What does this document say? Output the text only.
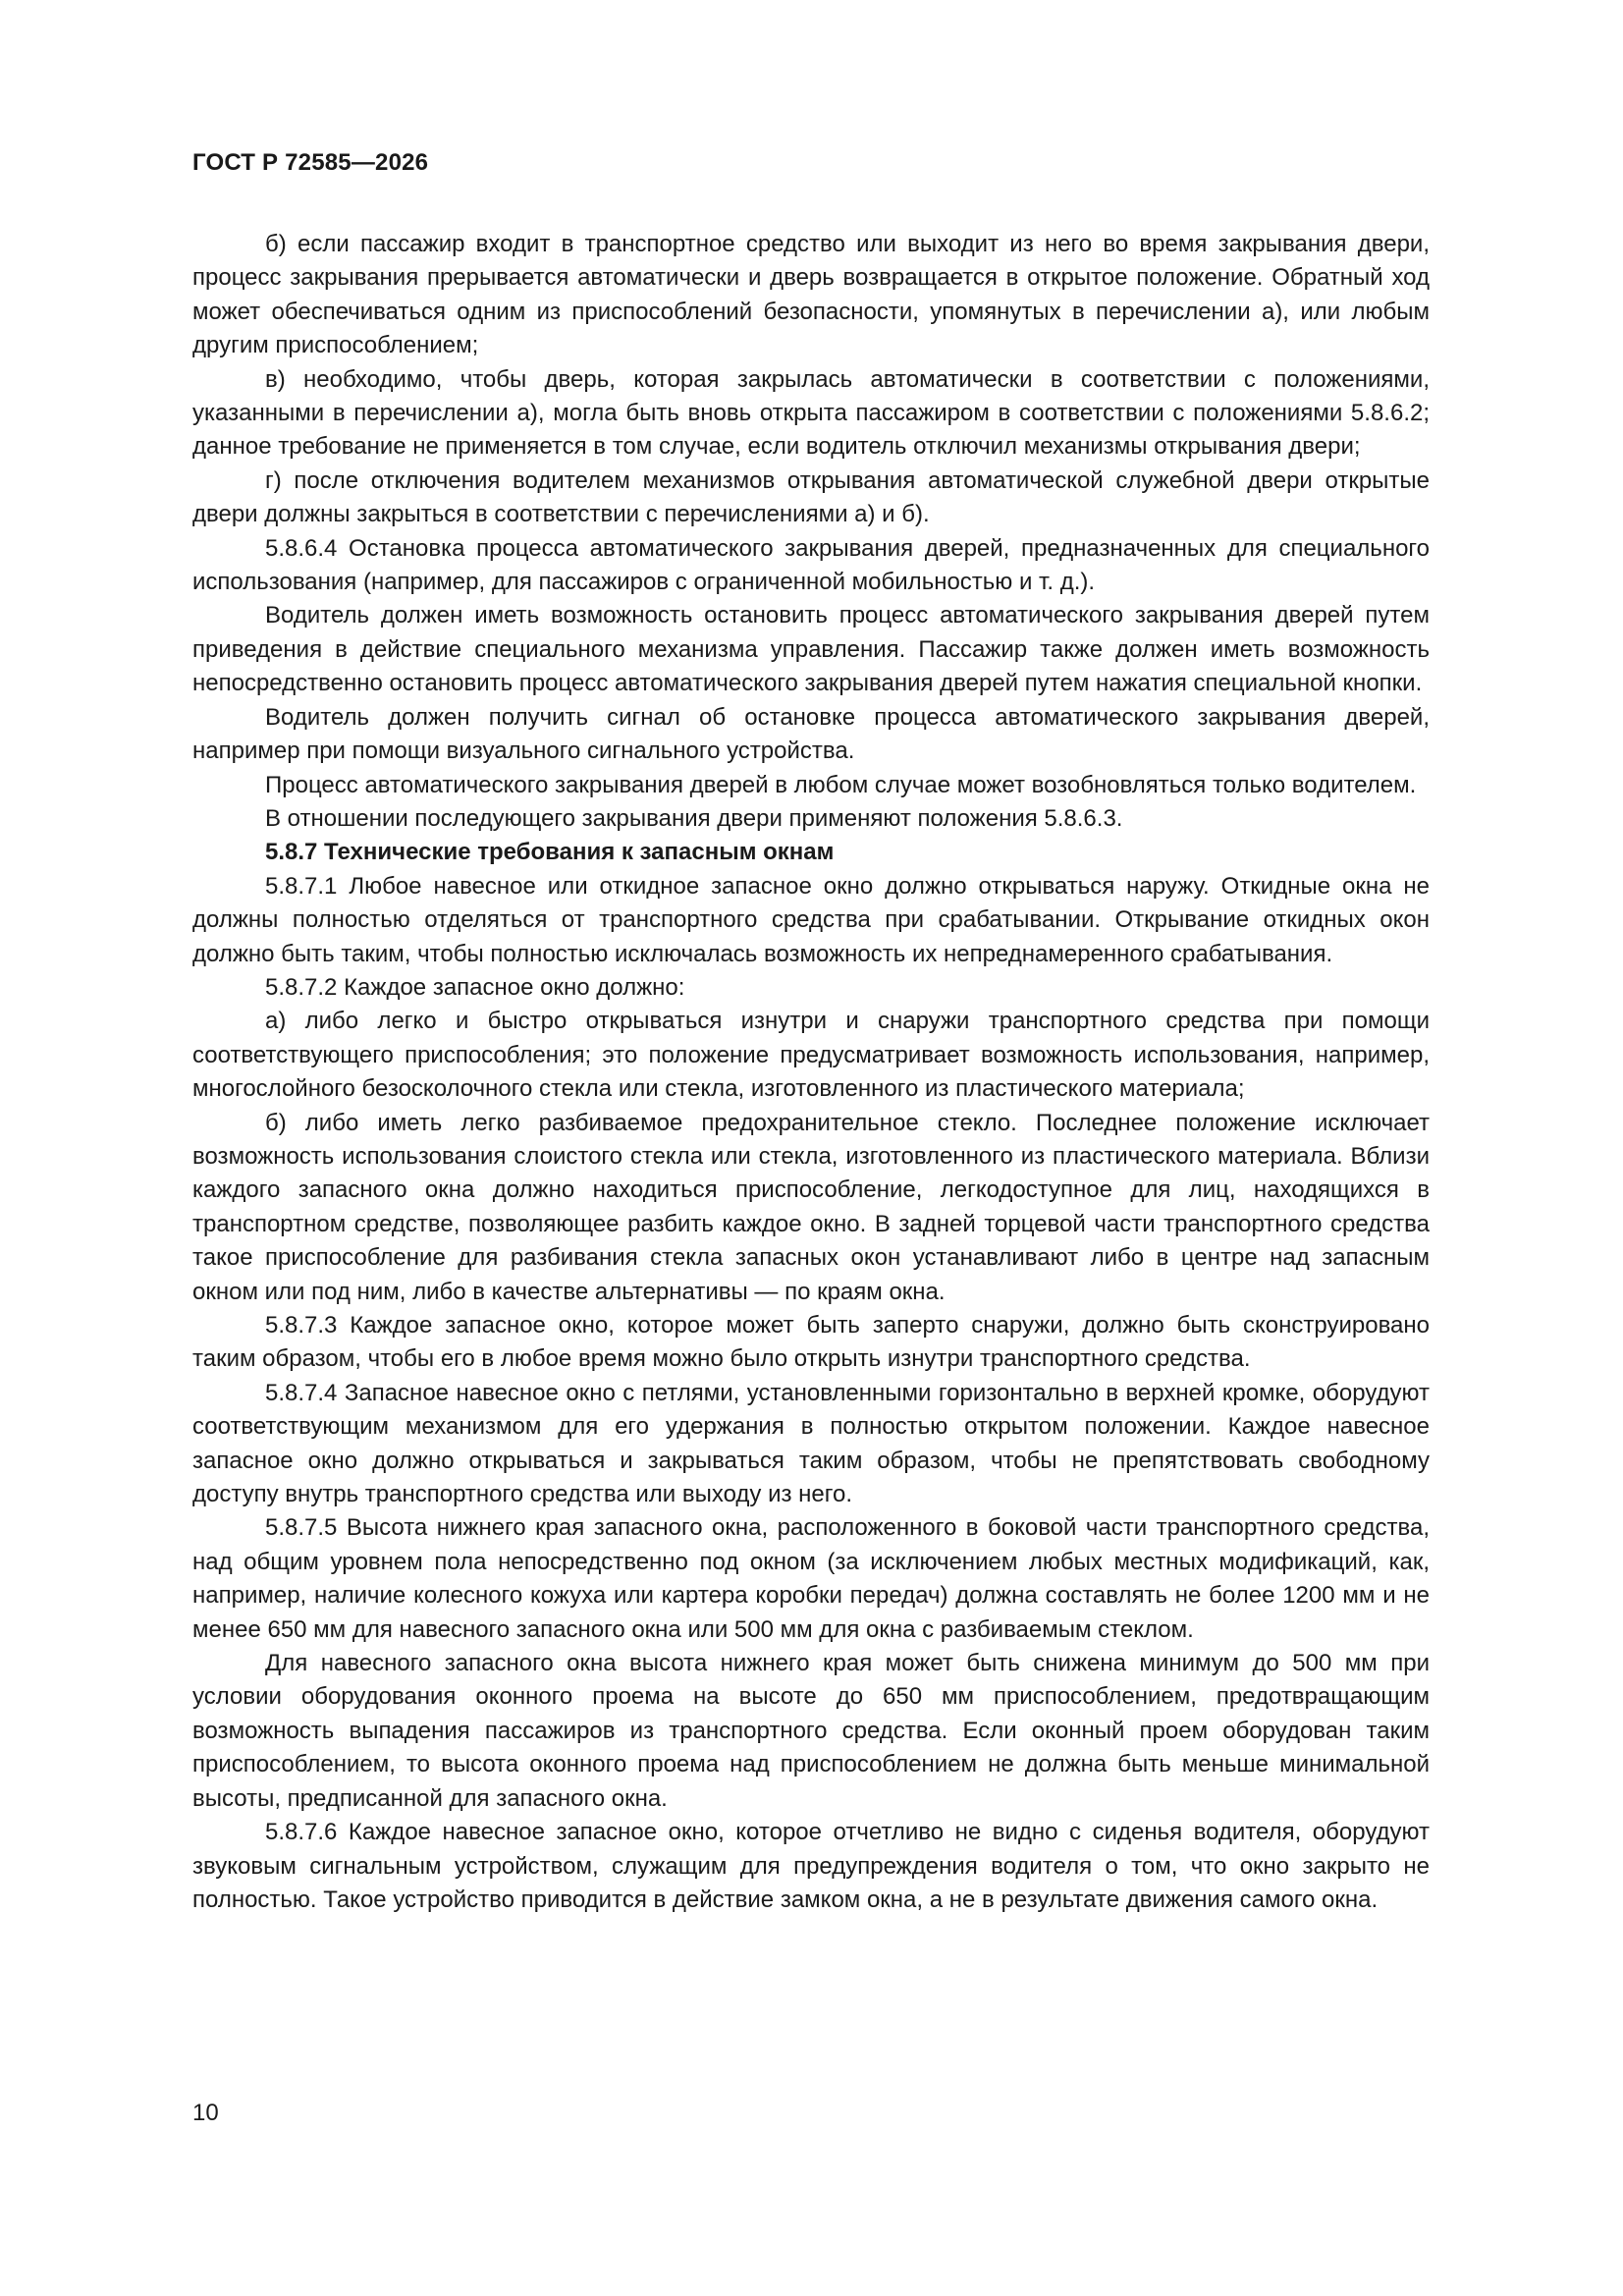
ГОСТ Р 72585—2026

б) если пассажир входит в транспортное средство или выходит из него во время закрывания двери, процесс закрывания прерывается автоматически и дверь возвращается в открытое положение. Обратный ход может обеспечиваться одним из приспособлений безопасности, упомянутых в перечислении а), или любым другим приспособлением;

в) необходимо, чтобы дверь, которая закрылась автоматически в соответствии с положениями, указанными в перечислении а), могла быть вновь открыта пассажиром в соответствии с положениями 5.8.6.2; данное требование не применяется в том случае, если водитель отключил механизмы открывания двери;

г) после отключения водителем механизмов открывания автоматической служебной двери открытые двери должны закрыться в соответствии с перечислениями а) и б).

5.8.6.4 Остановка процесса автоматического закрывания дверей, предназначенных для специального использования (например, для пассажиров с ограниченной мобильностью и т. д.).

Водитель должен иметь возможность остановить процесс автоматического закрывания дверей путем приведения в действие специального механизма управления. Пассажир также должен иметь возможность непосредственно остановить процесс автоматического закрывания дверей путем нажатия специальной кнопки.

Водитель должен получить сигнал об остановке процесса автоматического закрывания дверей, например при помощи визуального сигнального устройства.

Процесс автоматического закрывания дверей в любом случае может возобновляться только водителем.

В отношении последующего закрывания двери применяют положения 5.8.6.3.

5.8.7 Технические требования к запасным окнам

5.8.7.1 Любое навесное или откидное запасное окно должно открываться наружу. Откидные окна не должны полностью отделяться от транспортного средства при срабатывании. Открывание откидных окон должно быть таким, чтобы полностью исключалась возможность их непреднамеренного срабатывания.

5.8.7.2 Каждое запасное окно должно:

а) либо легко и быстро открываться изнутри и снаружи транспортного средства при помощи соответствующего приспособления; это положение предусматривает возможность использования, например, многослойного безосколочного стекла или стекла, изготовленного из пластического материала;

б) либо иметь легко разбиваемое предохранительное стекло. Последнее положение исключает возможность использования слоистого стекла или стекла, изготовленного из пластического материала. Вблизи каждого запасного окна должно находиться приспособление, легкодоступное для лиц, находящихся в транспортном средстве, позволяющее разбить каждое окно. В задней торцевой части транспортного средства такое приспособление для разбивания стекла запасных окон устанавливают либо в центре над запасным окном или под ним, либо в качестве альтернативы — по краям окна.

5.8.7.3 Каждое запасное окно, которое может быть заперто снаружи, должно быть сконструировано таким образом, чтобы его в любое время можно было открыть изнутри транспортного средства.

5.8.7.4 Запасное навесное окно с петлями, установленными горизонтально в верхней кромке, оборудуют соответствующим механизмом для его удержания в полностью открытом положении. Каждое навесное запасное окно должно открываться и закрываться таким образом, чтобы не препятствовать свободному доступу внутрь транспортного средства или выходу из него.

5.8.7.5 Высота нижнего края запасного окна, расположенного в боковой части транспортного средства, над общим уровнем пола непосредственно под окном (за исключением любых местных модификаций, как, например, наличие колесного кожуха или картера коробки передач) должна составлять не более 1200 мм и не менее 650 мм для навесного запасного окна или 500 мм для окна с разбиваемым стеклом.

Для навесного запасного окна высота нижнего края может быть снижена минимум до 500 мм при условии оборудования оконного проема на высоте до 650 мм приспособлением, предотвращающим возможность выпадения пассажиров из транспортного средства. Если оконный проем оборудован таким приспособлением, то высота оконного проема над приспособлением не должна быть меньше минимальной высоты, предписанной для запасного окна.

5.8.7.6 Каждое навесное запасное окно, которое отчетливо не видно с сиденья водителя, оборудуют звуковым сигнальным устройством, служащим для предупреждения водителя о том, что окно закрыто не полностью. Такое устройство приводится в действие замком окна, а не в результате движения самого окна.

10
